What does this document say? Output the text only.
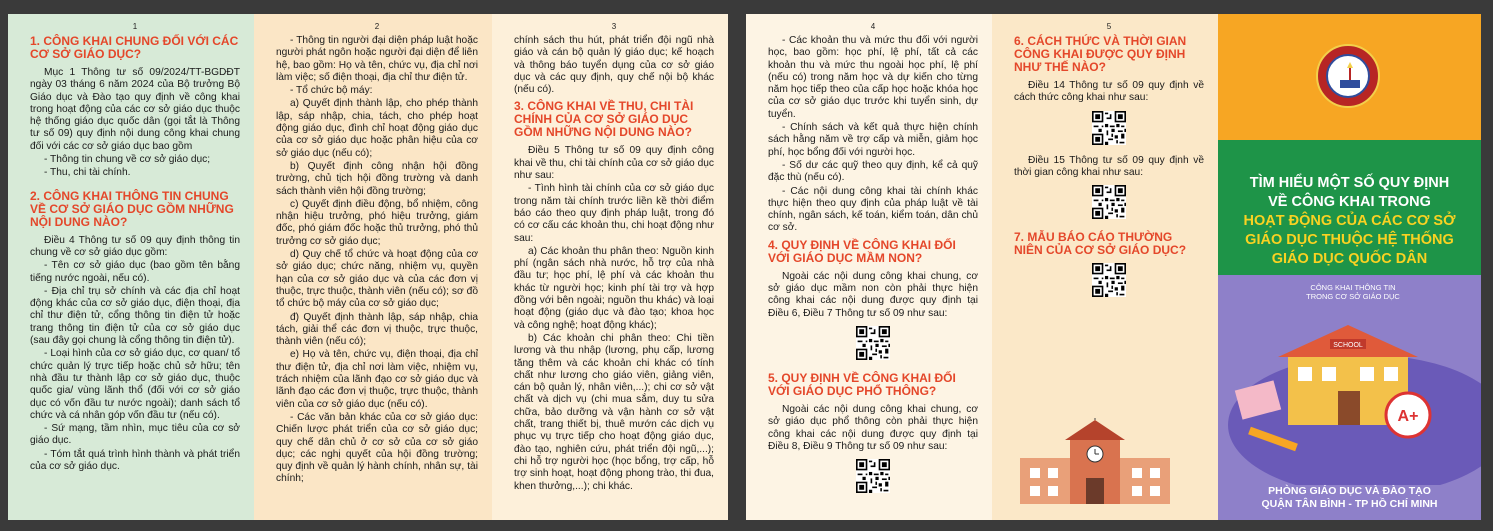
1
1. CÔNG KHAI CHUNG ĐỐI VỚI CÁC CƠ SỞ GIÁO DỤC?

Mục 1 Thông tư số 09/2024/TT-BGDĐT ngày 03 tháng 6 năm 2024 của Bộ trưởng Bộ Giáo dục và Đào tạo quy định về công khai trong hoạt động của các cơ sở giáo dục thuộc hệ thống giáo dục quốc dân (gọi tắt là Thông tư số 09) quy định nội dung công khai chung đối với các cơ sở giáo dục bao gồm

- Thông tin chung về cơ sở giáo dục;

- Thu, chi tài chính.

2. CÔNG KHAI THÔNG TIN CHUNG VỀ CƠ SỞ GIÁO DỤC GỒM NHỮNG NỘI DUNG NÀO?

Điều 4 Thông tư số 09 quy định thông tin chung về cơ sở giáo dục gồm:

- Tên cơ sở giáo dục (bao gồm tên bằng tiếng nước ngoài, nếu có).

- Địa chỉ trụ sở chính và các địa chỉ hoạt động khác của cơ sở giáo dục, điện thoại, địa chỉ thư điện tử, cổng thông tin điện tử hoặc trang thông tin điện tử của cơ sở giáo dục (sau đây gọi chung là cổng thông tin điện tử).

- Loại hình của cơ sở giáo dục, cơ quan/ tổ chức quản lý trực tiếp hoặc chủ sở hữu; tên nhà đầu tư thành lập cơ sở giáo dục, thuộc quốc gia/ vùng lãnh thổ (đối với cơ sở giáo dục có vốn đầu tư nước ngoài); danh sách tổ chức và cá nhân góp vốn đầu tư (nếu có).

- Sứ mạng, tầm nhìn, mục tiêu của cơ sở giáo dục.

- Tóm tắt quá trình hình thành và phát triển của cơ sở giáo dục.

2

- Thông tin người đại diện pháp luật hoặc người phát ngôn hoặc người đại diện để liên hệ, bao gồm: Họ và tên, chức vụ, địa chỉ nơi làm việc; số điện thoại, địa chỉ thư điện tử.

- Tổ chức bộ máy:

a) Quyết định thành lập, cho phép thành lập, sáp nhập, chia, tách, cho phép hoạt động giáo dục, đình chỉ hoạt động giáo dục của cơ sở giáo dục hoặc phân hiệu của cơ sở giáo dục (nếu có);

b) Quyết định công nhận hội đồng trường, chủ tịch hội đồng trường và danh sách thành viên hội đồng trường;

c) Quyết định điều động, bổ nhiệm, công nhận hiệu trưởng, phó hiệu trưởng, giám đốc, phó giám đốc hoặc thủ trưởng, phó thủ trưởng cơ sở giáo dục;

d) Quy chế tổ chức và hoạt động của cơ sở giáo dục; chức năng, nhiệm vụ, quyền hạn của cơ sở giáo dục và của các đơn vị thuộc, trực thuộc, thành viên (nếu có); sơ đồ tổ chức bộ máy của cơ sở giáo dục;

đ) Quyết định thành lập, sáp nhập, chia tách, giải thể các đơn vị thuộc, trực thuộc, thành viên (nếu có);

e) Họ và tên, chức vụ, điện thoại, địa chỉ thư điện tử, địa chỉ nơi làm việc, nhiệm vụ, trách nhiệm của lãnh đạo cơ sở giáo dục và lãnh đạo các đơn vị thuộc, trực thuộc, thành viên của cơ sở giáo dục (nếu có).

- Các văn bản khác của cơ sở giáo dục: Chiến lược phát triển của cơ sở giáo dục; quy chế dân chủ ở cơ sở của cơ sở giáo dục; các nghị quyết của hội đồng trường; quy định về quản lý hành chính, nhân sự, tài chính;

3

chính sách thu hút, phát triển đội ngũ nhà giáo và cán bộ quản lý giáo dục; kế hoạch và thông báo tuyển dụng của cơ sở giáo dục và các quy định, quy chế nội bộ khác (nếu có).

3. CÔNG KHAI VỀ THU, CHI TÀI CHÍNH CỦA CƠ SỞ GIÁO DỤC GỒM NHỮNG NỘI DUNG NÀO?

Điều 5 Thông tư số 09 quy định công khai về thu, chi tài chính của cơ sở giáo dục như sau:

- Tình hình tài chính của cơ sở giáo dục trong năm tài chính trước liền kề thời điểm báo cáo theo quy định pháp luật, trong đó có cơ cấu các khoản thu, chi hoạt động như sau:

a) Các khoản thu phân theo: Nguồn kinh phí (ngân sách nhà nước, hỗ trợ của nhà đầu tư; học phí, lệ phí và các khoản thu khác từ người học; kinh phí tài trợ và hợp đồng với bên ngoài; nguồn thu khác) và loại hoạt động (giáo dục và đào tạo; khoa học và công nghệ; hoạt động khác);

b) Các khoản chi phân theo: Chi tiền lương và thu nhập (lương, phụ cấp, lương tăng thêm và các khoản chi khác có tính chất như lương cho giáo viên, giảng viên, cán bộ quản lý, nhân viên,...); chi cơ sở vật chất và dịch vụ (chi mua sắm, duy tu sửa chữa, bảo dưỡng và vận hành cơ sở vật chất, trang thiết bị, thuê mướn các dịch vụ phục vụ trực tiếp cho hoạt động giáo dục, đào tạo, nghiên cứu, phát triển đội ngũ,...); chi hỗ trợ người học (học bổng, trợ cấp, hỗ trợ sinh hoạt, hoạt động phong trào, thi đua, khen thưởng,...); chi khác.

4

- Các khoản thu và mức thu đối với người học, bao gồm: học phí, lệ phí, tất cả các khoản thu và mức thu ngoài học phí, lệ phí (nếu có) trong năm học và dự kiến cho từng năm học tiếp theo của cấp học hoặc khóa học của cơ sở giáo dục trước khi tuyển sinh, dự tuyển.

- Chính sách và kết quả thực hiện chính sách hằng năm về trợ cấp và miễn, giảm học phí, học bổng đối với người học.

- Số dư các quỹ theo quy định, kể cả quỹ đặc thù (nếu có).

- Các nội dung công khai tài chính khác thực hiện theo quy định của pháp luật về tài chính, ngân sách, kế toán, kiểm toán, dân chủ cơ sở.

4. QUY ĐỊNH VỀ CÔNG KHAI ĐỐI VỚI GIÁO DỤC MẦM NON?

Ngoài các nội dung công khai chung, cơ sở giáo dục mầm non còn phải thực hiện công khai các nội dung được quy định tại Điều 6, Điều 7 Thông tư số 09 như sau:

5. QUY ĐỊNH VỀ CÔNG KHAI ĐỐI VỚI GIÁO DỤC PHỔ THÔNG?

Ngoài các nội dung công khai chung, cơ sở giáo dục phổ thông còn phải thực hiện công khai các nội dung được quy định tại Điều 8, Điều 9 Thông tư số 09 như sau:

5
6. CÁCH THỨC VÀ THỜI GIAN CÔNG KHAI ĐƯỢC QUY ĐỊNH NHƯ THẾ NÀO?

Điều 14 Thông tư số 09 quy định về cách thức công khai như sau:

Điều 15 Thông tư số 09 quy định về thời gian công khai như sau:

7. MẪU BÁO CÁO THƯỜNG NIÊN CỦA CƠ SỞ GIÁO DỤC?
TÌM HIỂU MỘT SỐ QUY ĐỊNH
VỀ CÔNG KHAI TRONG
HOẠT ĐỘNG CỦA CÁC CƠ SỞ
GIÁO DỤC THUỘC HỆ THỐNG
GIÁO DỤC QUỐC DÂN
CÔNG KHAI THÔNG TIN
TRONG CƠ SỞ GIÁO DỤC
SCHOOL
A+
PHÒNG GIÁO DỤC VÀ ĐÀO TẠO
QUẬN TÂN BÌNH - TP HỒ CHÍ MINH
